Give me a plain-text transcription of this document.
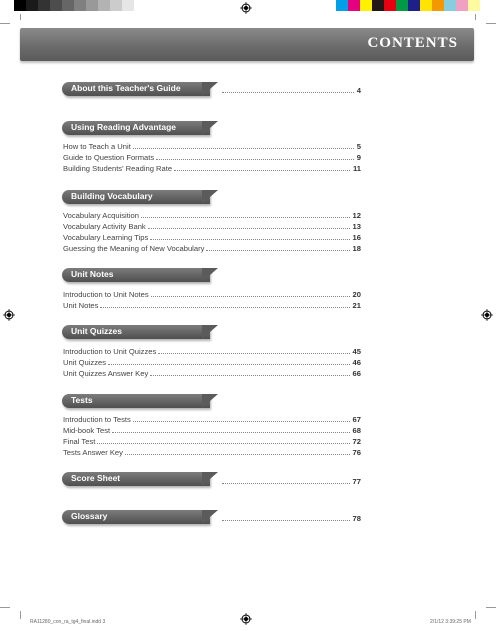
CONTENTS
About this Teacher's Guide	4
Using Reading Advantage
How to Teach a Unit	5
Guide to Question Formats	9
Building Students' Reading Rate	11
Building Vocabulary
Vocabulary Acquisition	12
Vocabulary Activity Bank	13
Vocabulary Learning Tips	16
Guessing the Meaning of New Vocabulary	18
Unit Notes
Introduction to Unit Notes	20
Unit Notes	21
Unit Quizzes
Introduction to Unit Quizzes	45
Unit Quizzes	46
Unit Quizzes Answer Key	66
Tests
Introduction to Tests	67
Mid-book Test	68
Final Test	72
Tests Answer Key	76
Score Sheet	77
Glossary	78
RA11280_con_ra_tg4_final.indd 3	2/1/12 3:39:25 PM
